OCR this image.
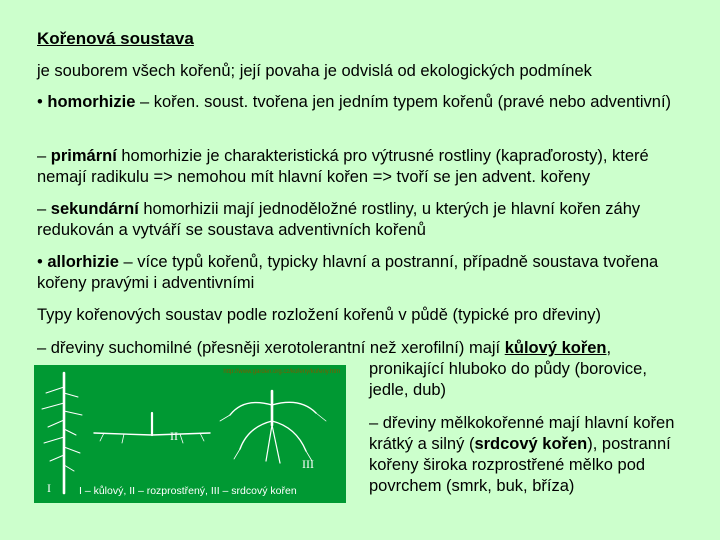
Kořenová soustava
je souborem všech kořenů; její povaha je odvislá od ekologických podmínek
• homorhizie – kořen. soust. tvořena jen jedním typem kořenů (pravé nebo adventivní)
– primární homorhizie je charakteristická pro výtrusné rostliny (kapraďorosty), které nemají radikulu => nemohou mít hlavní kořen => tvoří se jen advent. kořeny
– sekundární homorhizii mají jednoděložné rostliny, u kterých je hlavní kořen záhy redukován a vytváří se soustava adventivních kořenů
• allorhizie – více typů kořenů, typicky hlavní a postranní, případně soustava tvořena kořeny pravými i adventivními
Typy kořenových soustav podle rozložení kořenů v půdě (typické pro dřeviny)
– dřeviny suchomilné (přesněji xerotolerantní než xerofilní) mají kůlový kořen,
pronikající hluboko do půdy (borovice, jedle, dub)
– dřeviny mělkokořenné mají hlavní kořen krátký a silný (srdcový kořen), postranní kořeny široka rozprostřené mělko pod povrchem (smrk, buk, bříza)
http://www.garden.org.cz/kořeny/kořeny.htm
I
II
III
I – kůlový, II – rozprostřený, III – srdcový kořen
